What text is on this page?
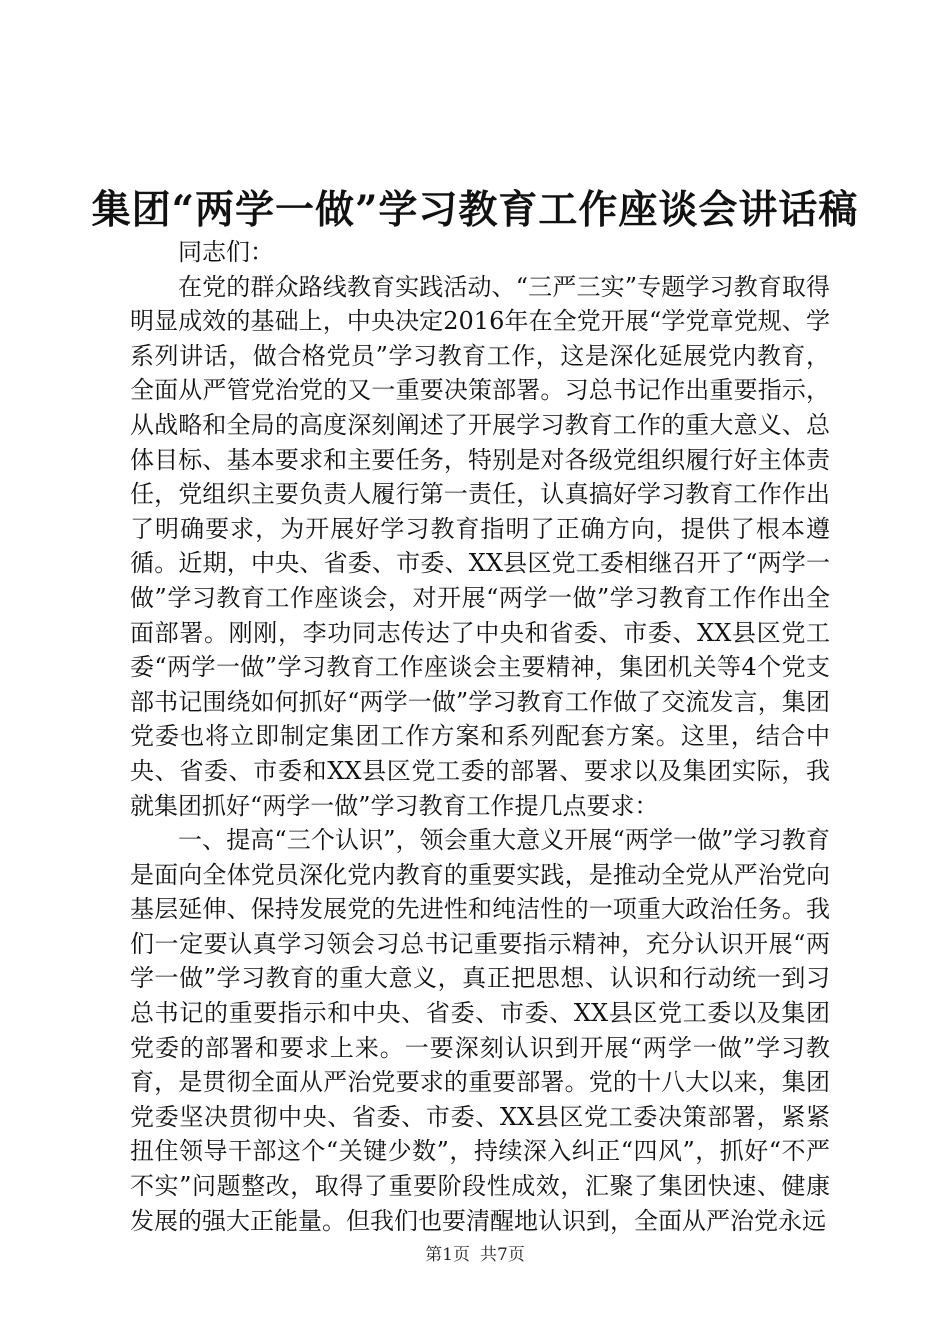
集团“两学一做”学习教育工作座谈会讲话稿

同志们：

在党的群众路线教育实践活动、“三严三实”专题学习教育取得明显成效的基础上，中央决定2016年在全党开展“学党章党规、学系列讲话，做合格党员”学习教育工作，这是深化延展党内教育，全面从严管党治党的又一重要决策部署。习总书记作出重要指示，从战略和全局的高度深刻阐述了开展学习教育工作的重大意义、总体目标、基本要求和主要任务，特别是对各级党组织履行好主体责任，党组织主要负责人履行第一责任，认真搞好学习教育工作作出了明确要求，为开展好学习教育指明了正确方向，提供了根本遵循。近期，中央、省委、市委、XX县区党工委相继召开了“两学一做”学习教育工作座谈会，对开展“两学一做”学习教育工作作出全面部署。刚刚，李功同志传达了中央和省委、市委、XX县区党工委“两学一做”学习教育工作座谈会主要精神，集团机关等4个党支部书记围绕如何抓好“两学一做”学习教育工作做了交流发言，集团党委也将立即制定集团工作方案和系列配套方案。这里，结合中央、省委、市委和XX县区党工委的部署、要求以及集团实际，我就集团抓好“两学一做”学习教育工作提几点要求：

一、提高“三个认识”，领会重大意义开展“两学一做”学习教育是面向全体党员深化党内教育的重要实践，是推动全党从严治党向基层延伸、保持发展党的先进性和纯洁性的一项重大政治任务。我们一定要认真学习领会习总书记重要指示精神，充分认识开展“两学一做”学习教育的重大意义，真正把思想、认识和行动统一到习总书记的重要指示和中央、省委、市委、XX县区党工委以及集团党委的部署和要求上来。一要深刻认识到开展“两学一做”学习教育，是贯彻全面从严治党要求的重要部署。党的十八大以来，集团党委坚决贯彻中央、省委、市委、XX县区党工委决策部署，紧紧扭住领导干部这个“关键少数”，持续深入纠正“四风”，抓好“不严不实”问题整改，取得了重要阶段性成效，汇聚了集团快速、健康发展的强大正能量。但我们也要清醒地认识到，全面从严治党永远

第1页 共7页
